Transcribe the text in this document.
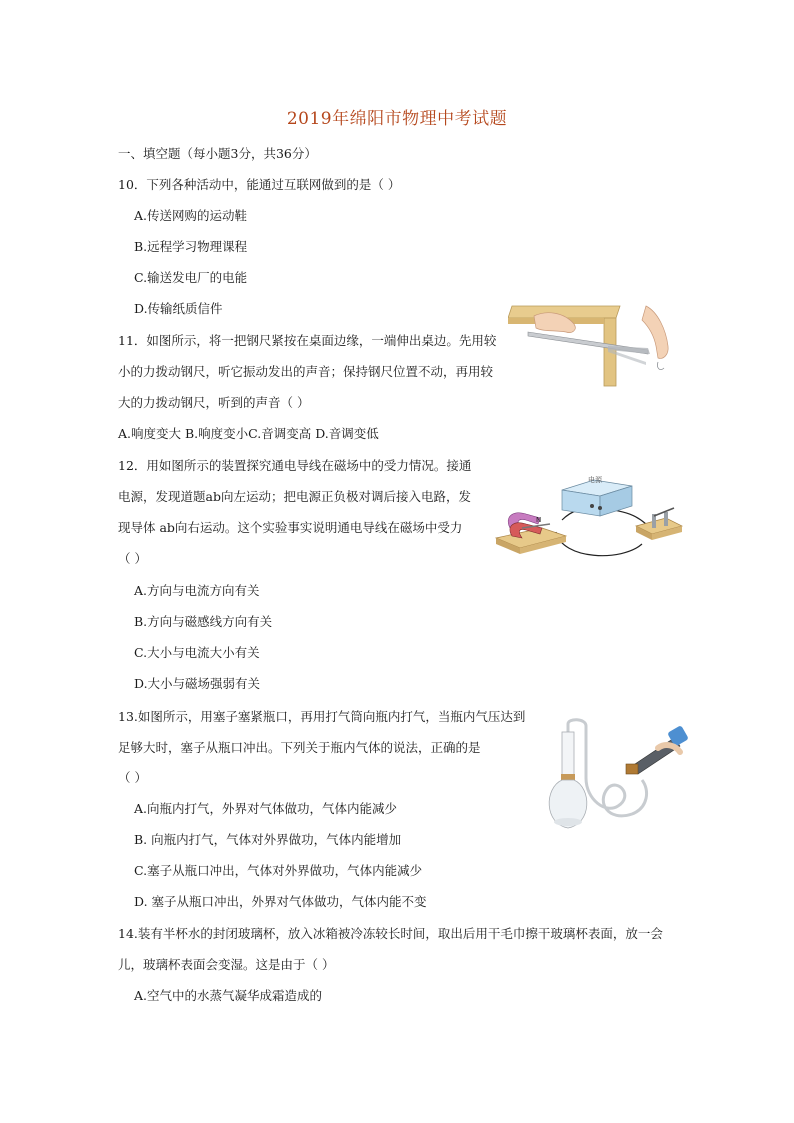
2019年绵阳市物理中考试题
一、填空题（每小题3分，共36分）
10．下列各种活动中，能通过互联网做到的是（ ）
A.传送网购的运动鞋
B.远程学习物理课程
C.输送发电厂的电能
D.传输纸质信件
11．如图所示，将一把钢尺紧按在桌面边缘，一端伸出桌边。先用较
小的力拨动钢尺，听它振动发出的声音；保持钢尺位置不动，再用较
大的力拨动钢尺，听到的声音（ ）
A.响度变大 B.响度变小C.音调变高 D.音调变低
12．用如图所示的装置探究通电导线在磁场中的受力情况。接通
电源，发现道题ab向左运动；把电源正负极对调后接入电路，发
现导体 ab向右运动。这个实验事实说明通电导线在磁场中受力
（ ）
A.方向与电流方向有关
B.方向与磁感线方向有关
C.大小与电流大小有关
D.大小与磁场强弱有关
电源
N
13.如图所示，用塞子塞紧瓶口，再用打气筒向瓶内打气，当瓶内气压达到
足够大时，塞子从瓶口冲出。下列关于瓶内气体的说法，正确的是
（ ）
A.向瓶内打气，外界对气体做功，气体内能减少
B. 向瓶内打气，气体对外界做功，气体内能增加
C.塞子从瓶口冲出，气体对外界做功，气体内能减少
D. 塞子从瓶口冲出，外界对气体做功，气体内能不变
14.装有半杯水的封闭玻璃杯，放入冰箱被冷冻较长时间，取出后用干毛巾擦干玻璃杯表面，放一会
儿，玻璃杯表面会变湿。这是由于（ ）
A.空气中的水蒸气凝华成霜造成的
